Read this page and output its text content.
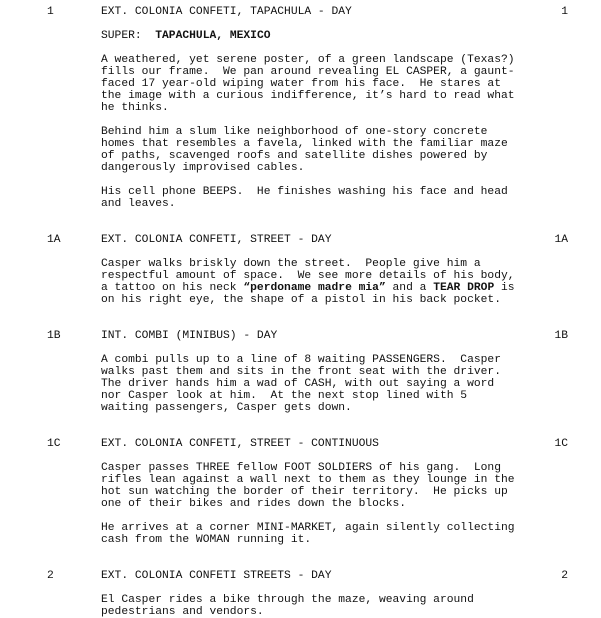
1	EXT. COLONIA CONFETI, TAPACHULA - DAY	1
SUPER: TAPACHULA, MEXICO
A weathered, yet serene poster, of a green landscape (Texas?)
fills our frame.  We pan around revealing EL CASPER, a gaunt-
faced 17 year-old wiping water from his face.  He stares at
the image with a curious indifference, it’s hard to read what
he thinks.
Behind him a slum like neighborhood of one-story concrete
homes that resembles a favela, linked with the familiar maze
of paths, scavenged roofs and satellite dishes powered by
dangerously improvised cables.
His cell phone BEEPS.  He finishes washing his face and head
and leaves.
1A	EXT. COLONIA CONFETI, STREET - DAY	1A
Casper walks briskly down the street.  People give him a
respectful amount of space.  We see more details of his body,
a tattoo on his neck “perdoname madre mia” and a TEAR DROP is
on his right eye, the shape of a pistol in his back pocket.
1B	INT. COMBI (MINIBUS) - DAY	1B
A combi pulls up to a line of 8 waiting PASSENGERS.  Casper
walks past them and sits in the front seat with the driver.
The driver hands him a wad of CASH, with out saying a word
nor Casper look at him.  At the next stop lined with 5
waiting passengers, Casper gets down.
1C	EXT. COLONIA CONFETI, STREET - CONTINUOUS	1C
Casper passes THREE fellow FOOT SOLDIERS of his gang.  Long
rifles lean against a wall next to them as they lounge in the
hot sun watching the border of their territory.  He picks up
one of their bikes and rides down the blocks.
He arrives at a corner MINI-MARKET, again silently collecting
cash from the WOMAN running it.
2	EXT. COLONIA CONFETI STREETS - DAY	2
El Casper rides a bike through the maze, weaving around
pedestrians and vendors.
